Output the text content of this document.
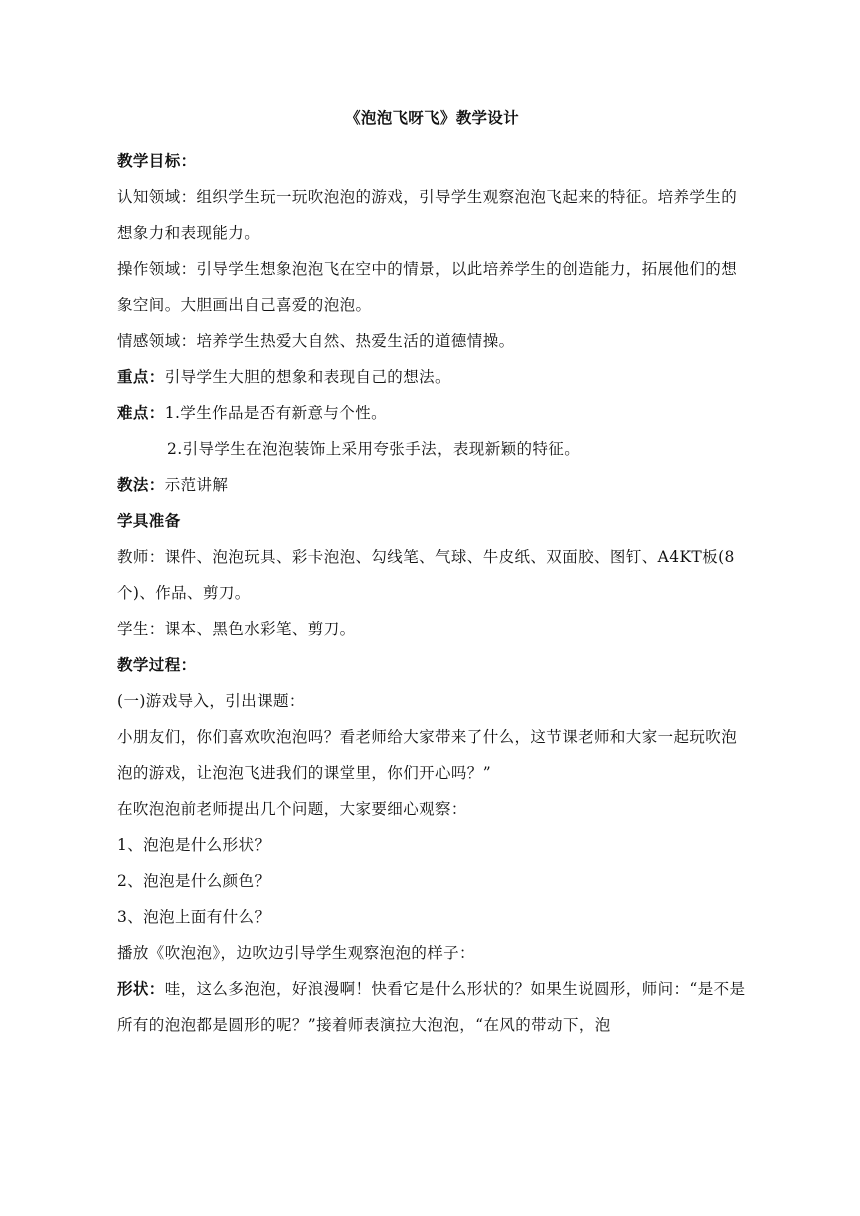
《泡泡飞呀飞》教学设计

教学目标：

认知领域：组织学生玩一玩吹泡泡的游戏，引导学生观察泡泡飞起来的特征。培养学生的想象力和表现能力。

操作领域：引导学生想象泡泡飞在空中的情景，以此培养学生的创造能力，拓展他们的想象空间。大胆画出自己喜爱的泡泡。

情感领域：培养学生热爱大自然、热爱生活的道德情操。

重点：引导学生大胆的想象和表现自己的想法。

难点：1.学生作品是否有新意与个性。

2.引导学生在泡泡装饰上采用夸张手法，表现新颖的特征。

教法：示范讲解

学具准备

教师：课件、泡泡玩具、彩卡泡泡、勾线笔、气球、牛皮纸、双面胶、图钉、A4KT板(8个)、作品、剪刀。

学生：课本、黑色水彩笔、剪刀。

教学过程：

(一)游戏导入，引出课题：

小朋友们，你们喜欢吹泡泡吗？看老师给大家带来了什么，这节课老师和大家一起玩吹泡泡的游戏，让泡泡飞进我们的课堂里，你们开心吗？”

在吹泡泡前老师提出几个问题，大家要细心观察：

1、泡泡是什么形状？

2、泡泡是什么颜色？

3、泡泡上面有什么？

播放《吹泡泡》，边吹边引导学生观察泡泡的样子：

形状：哇，这么多泡泡，好浪漫啊！快看它是什么形状的？如果生说圆形，师问：“是不是所有的泡泡都是圆形的呢？”接着师表演拉大泡泡，“在风的带动下，泡
